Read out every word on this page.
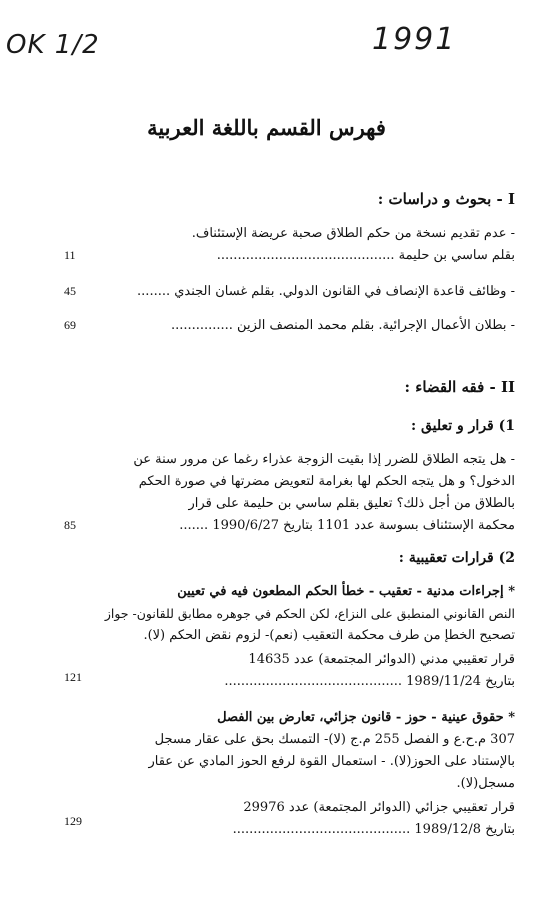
OK 1/2	1991
فهرس القسم باللغة العربية
I - بحوث و دراسات :
- عدم تقديم نسخة من حكم الطلاق صحبة عريضة الإستئناف.
بقلم ساسي بن حليمة ...........................................
11
- وظائف قاعدة الإنصاف في القانون الدولي. بقلم غسان الجندي ........
45
- بطلان الأعمال الإجرائية. بقلم محمد المنصف الزين ...............
69
II - فقه القضاء :
1) قرار و تعليق :
- هل يتجه الطلاق للضرر إذا بقيت الزوجة عذراء رغما عن مرور سنة عن
الدخول؟ و هل يتجه الحكم لها بغرامة لتعويض مضرتها في صورة الحكم
بالطلاق من أجل ذلك؟ تعليق بقلم ساسي بن حليمة على قرار
محكمة الإستئناف بسوسة عدد 1101 بتاريخ 1990/6/27 .......
85
2) قرارات تعقيبية :
* إجراءات مدنية - تعقيب - خطأ الحكم المطعون فيه في تعيين
النص القانوني المنطبق على النزاع، لكن الحكم في جوهره مطابق للقانون- جواز
تصحيح الخطإ من طرف محكمة التعقيب (نعم)- لزوم نقض الحكم (لا).
قرار تعقيبي مدني (الدوائر المجتمعة) عدد 14635
بتاريخ 1989/11/24 ...........................................
121
* حقوق عينية - حوز - قانون جزائي، تعارض بين الفصل
307 م.ح.ع و الفصل 255 م.ج (لا)- التمسك بحق على عقار مسجل
بالإستناد على الحوز(لا). - استعمال القوة لرفع الحوز المادي عن عقار
مسجل(لا).
قرار تعقيبي جزائي (الدوائر المجتمعة) عدد 29976
بتاريخ 1989/12/8 ...........................................
129
